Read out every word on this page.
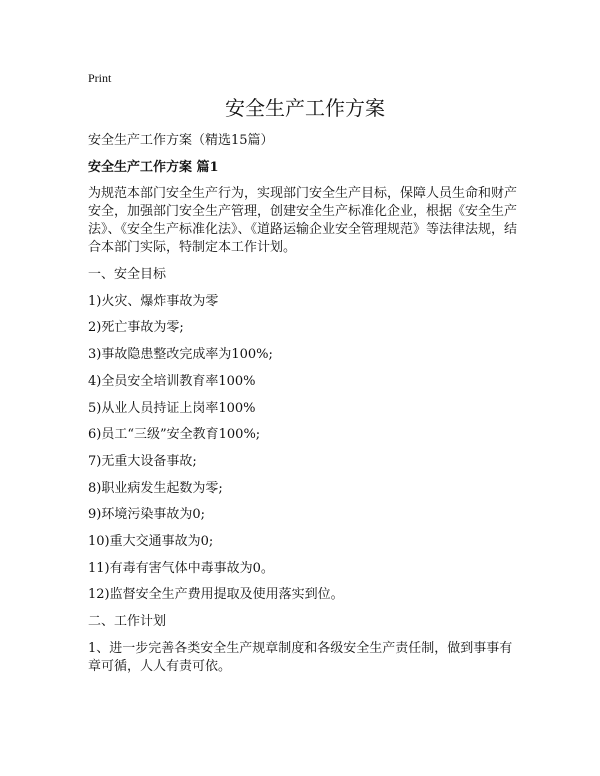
Print
安全生产工作方案

安全生产工作方案（精选15篇）

安全生产工作方案 篇1

为规范本部门安全生产行为，实现部门安全生产目标，保障人员生命和财产安全，加强部门安全生产管理，创建安全生产标准化企业，根据《安全生产法》、《安全生产标准化法》、《道路运输企业安全管理规范》等法律法规，结合本部门实际，特制定本工作计划。

一、安全目标

1)火灾、爆炸事故为零

2)死亡事故为零;

3)事故隐患整改完成率为100%;

4)全员安全培训教育率100%

5)从业人员持证上岗率100%

6)员工“三级”安全教育100%;

7)无重大设备事故;

8)职业病发生起数为零;

9)环境污染事故为0;

10)重大交通事故为0;

11)有毒有害气体中毒事故为0。

12)监督安全生产费用提取及使用落实到位。

二、工作计划

1、进一步完善各类安全生产规章制度和各级安全生产责任制，做到事事有章可循，人人有责可依。
